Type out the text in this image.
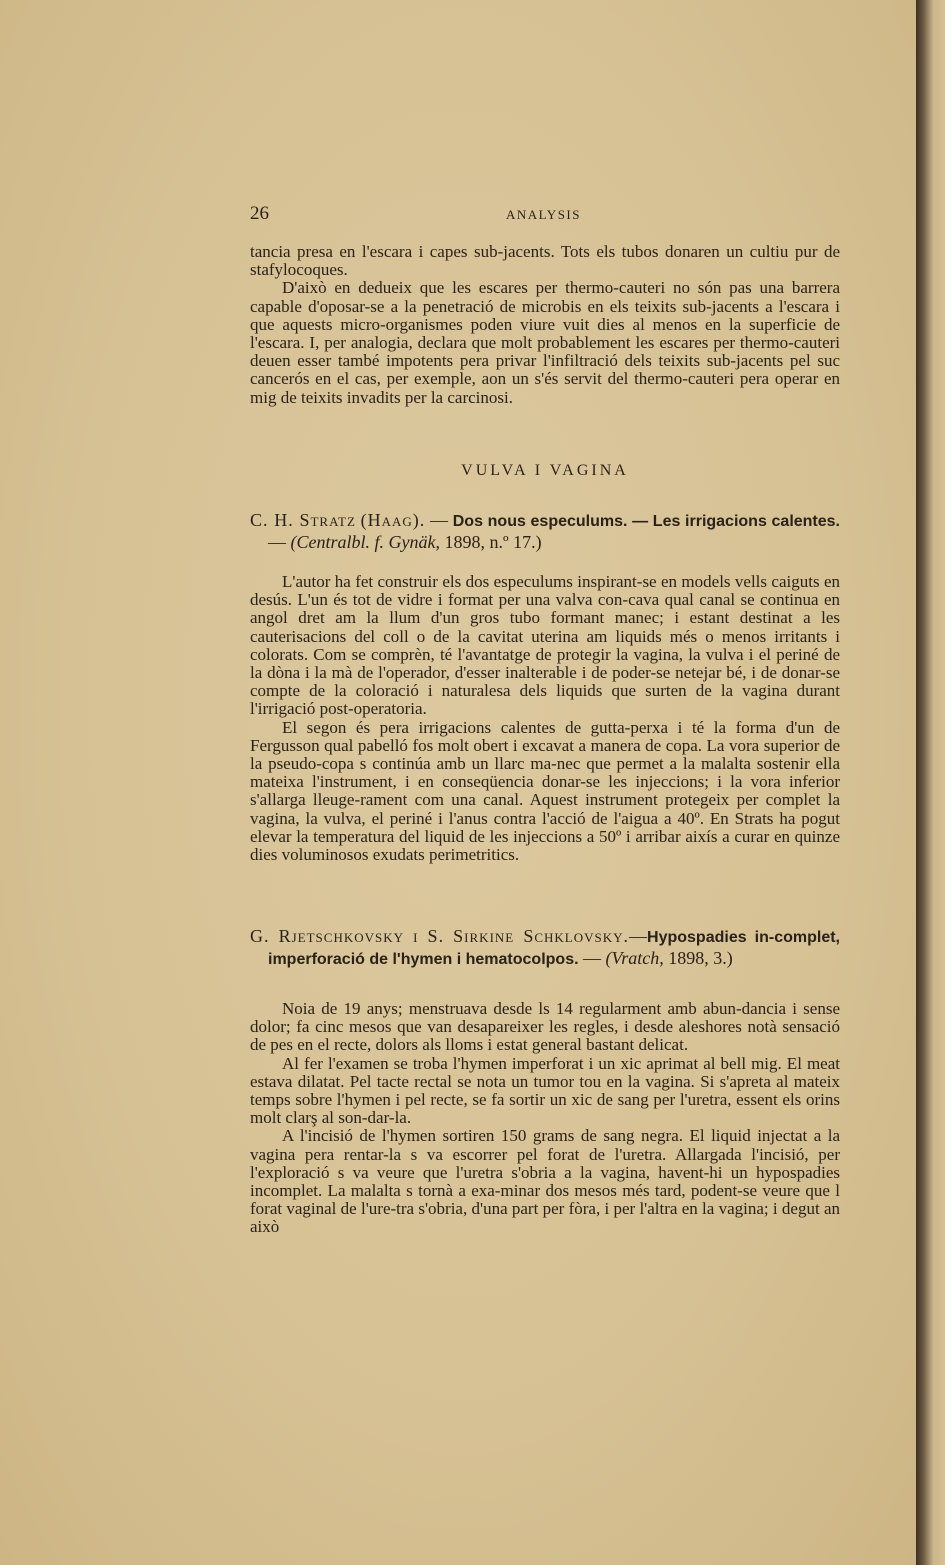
26	ANALYSIS

tancia presa en l'escara i capes sub-jacents. Tots els tubos donaren un cultiu pur de stafylocoques.

D'això en dedueix que les escares per thermo-cauteri no són pas una barrera capable d'oposar-se a la penetració de microbis en els teixits sub-jacents a l'escara i que aquests micro-organismes poden viure vuit dies al menos en la superficie de l'escara. I, per analogia, declara que molt probablement les escares per thermo-cauteri deuen esser també impotents pera privar l'infiltració dels teixits sub-jacents pel suc cancerós en el cas, per exemple, aon un s'és servit del thermo-cauteri pera operar en mig de teixits invadits per la carcinosi.

VULVA I VAGINA
C. H. Stratz (Haag). — Dos nous especulums. — Les irrigacions calentes. — (Centralbl. f. Gynäk, 1898, n.º 17.)

L'autor ha fet construir els dos especulums inspirant-se en models vells caiguts en desús. L'un és tot de vidre i format per una valva con-cava qual canal se continua en angol dret am la llum d'un gros tubo formant manec; i estant destinat a les cauterisacions del coll o de la cavitat uterina am liquids més o menos irritants i colorats. Com se comprèn, té l'avantatge de protegir la vagina, la vulva i el periné de la dòna i la mà de l'operador, d'esser inalterable i de poder-se netejar bé, i de donar-se compte de la coloració i naturalesa dels liquids que surten de la vagina durant l'irrigació post-operatoria.

El segon és pera irrigacions calentes de gutta-perxa i té la forma d'un de Fergusson qual pabelló fos molt obert i excavat a manera de copa. La vora superior de la pseudo-copa s continúa amb un llarc ma-nec que permet a la malalta sostenir ella mateixa l'instrument, i en conseqüencia donar-se les injeccions; i la vora inferior s'allarga lleuge-rament com una canal. Aquest instrument protegeix per complet la vagina, la vulva, el periné i l'anus contra l'acció de l'aigua a 40º. En Strats ha pogut elevar la temperatura del liquid de les injeccions a 50º i arribar aixís a curar en quinze dies voluminosos exudats perimetritics.

G. Rjetschkovsky i S. Sirkine Schklovsky.—Hypospadies in-complet, imperforació de l'hymen i hematocolpos. — (Vratch, 1898, 3.)

Noia de 19 anys; menstruava desde ls 14 regularment amb abun-dancia i sense dolor; fa cinc mesos que van desapareixer les regles, i desde aleshores notà sensació de pes en el recte, dolors als lloms i estat general bastant delicat.

Al fer l'examen se troba l'hymen imperforat i un xic aprimat al bell mig. El meat estava dilatat. Pel tacte rectal se nota un tumor tou en la vagina. Si s'apreta al mateix temps sobre l'hymen i pel recte, se fa sortir un xic de sang per l'uretra, essent els orins molt clarş al son-dar-la.

A l'incisió de l'hymen sortiren 150 grams de sang negra. El liquid injectat a la vagina pera rentar-la s va escorrer pel forat de l'uretra. Allargada l'incisió, per l'exploració s va veure que l'uretra s'obria a la vagina, havent-hi un hypospadies incomplet. La malalta s tornà a exa-minar dos mesos més tard, podent-se veure que l forat vaginal de l'ure-tra s'obria, d'una part per fòra, i per l'altra en la vagina; i degut an això
